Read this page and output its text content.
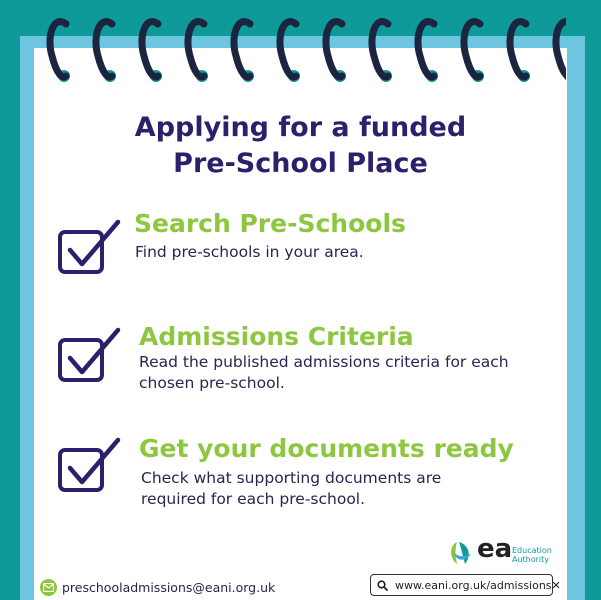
Applying for a funded
Pre-School Place
Search Pre-Schools
Find pre-schools in your area.
Admissions Criteria
Read the published admissions criteria for each
chosen pre-school.
Get your documents ready
Check what supporting documents are
required for each pre-school.
ea Education
Authority
preschooladmissions@eani.org.uk	www.eani.org.uk/admissions ✕
